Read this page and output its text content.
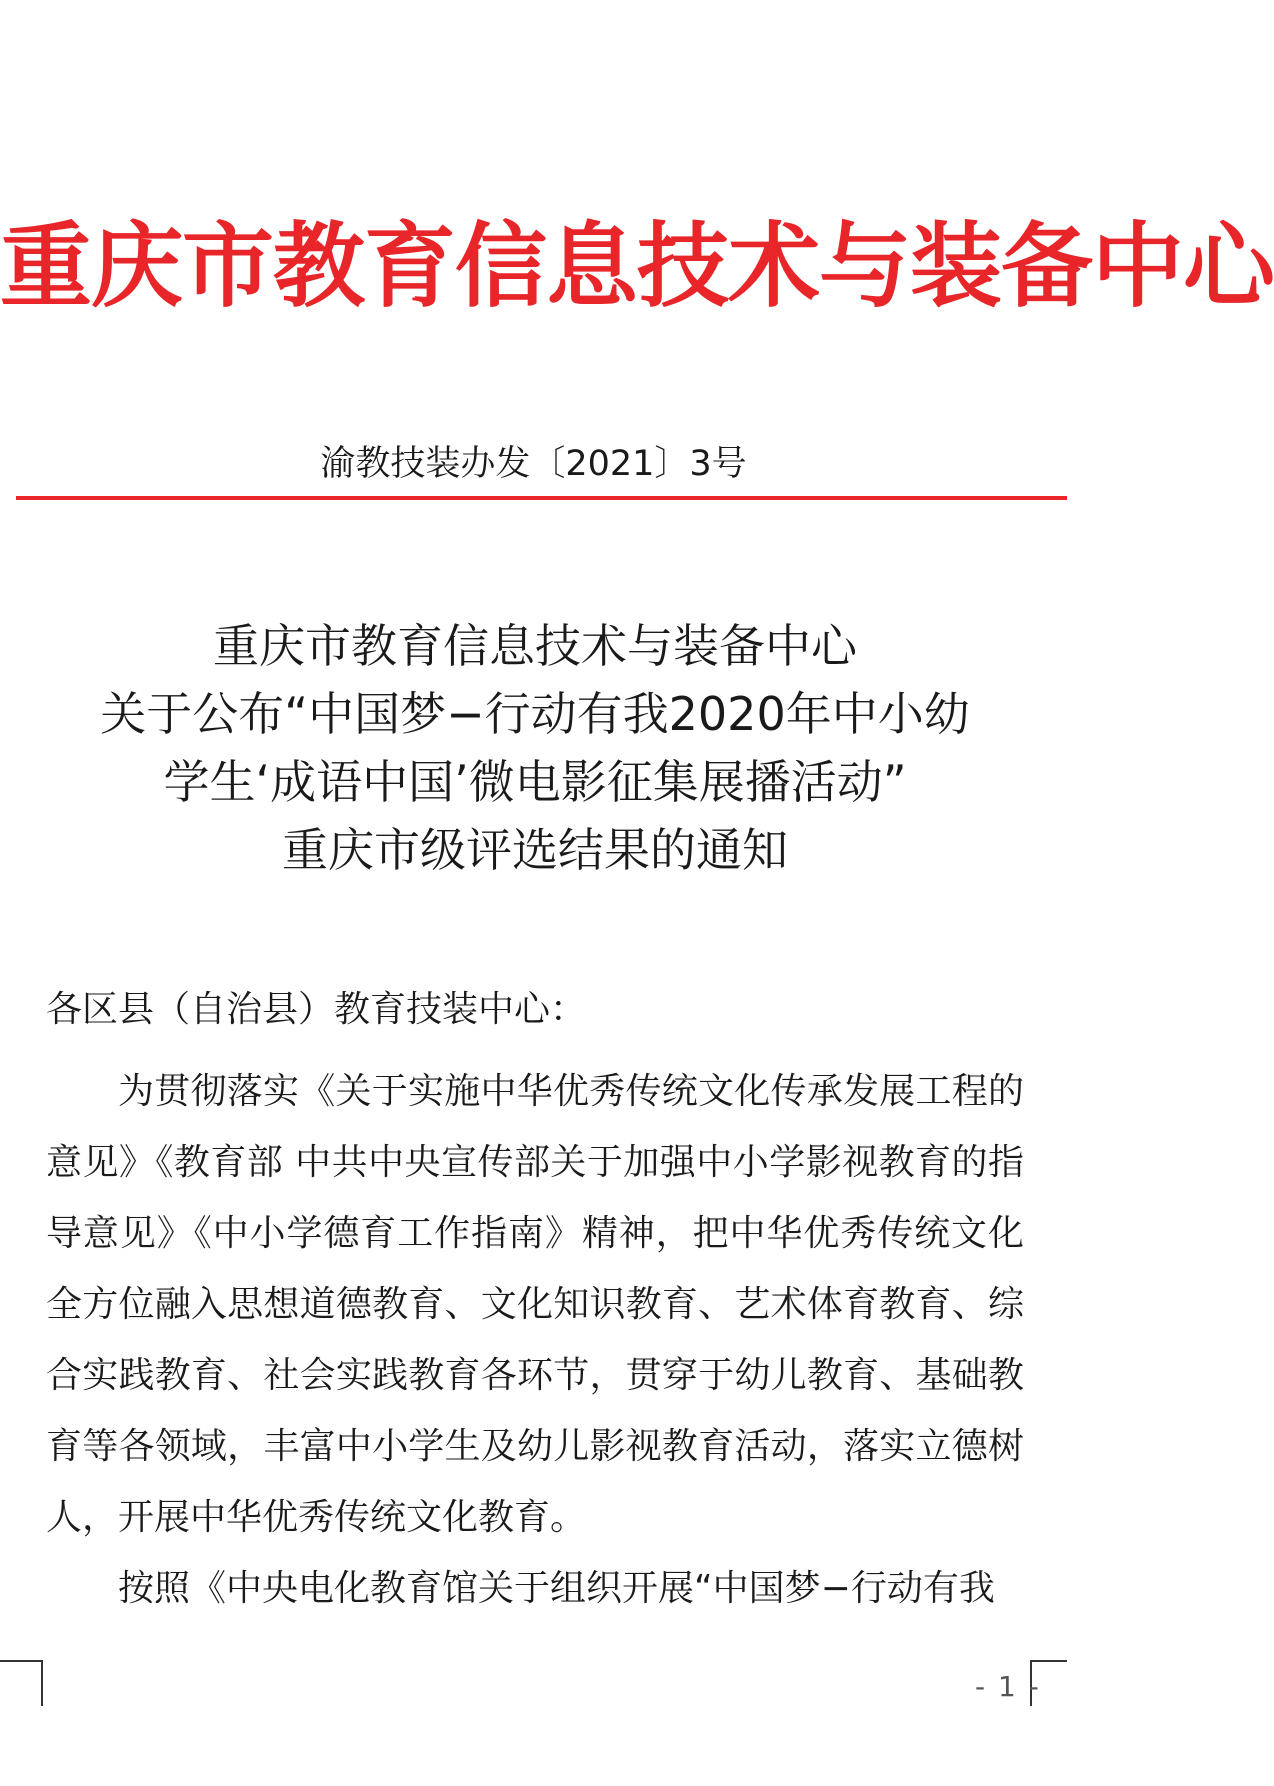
重庆市教育信息技术与装备中心
渝教技装办发〔2021〕3号
重庆市教育信息技术与装备中心
关于公布“中国梦−行动有我2020年中小幼
学生‘成语中国’微电影征集展播活动”
重庆市级评选结果的通知
各区县（自治县）教育技装中心：

为贯彻落实《关于实施中华优秀传统文化传承发展工程的意见》《教育部 中共中央宣传部关于加强中小学影视教育的指导意见》《中小学德育工作指南》精神，把中华优秀传统文化全方位融入思想道德教育、文化知识教育、艺术体育教育、综合实践教育、社会实践教育各环节，贯穿于幼儿教育、基础教育等各领域，丰富中小学生及幼儿影视教育活动，落实立德树人，开展中华优秀传统文化教育。

按照《中央电化教育馆关于组织开展“中国梦−行动有我

- 1 -
